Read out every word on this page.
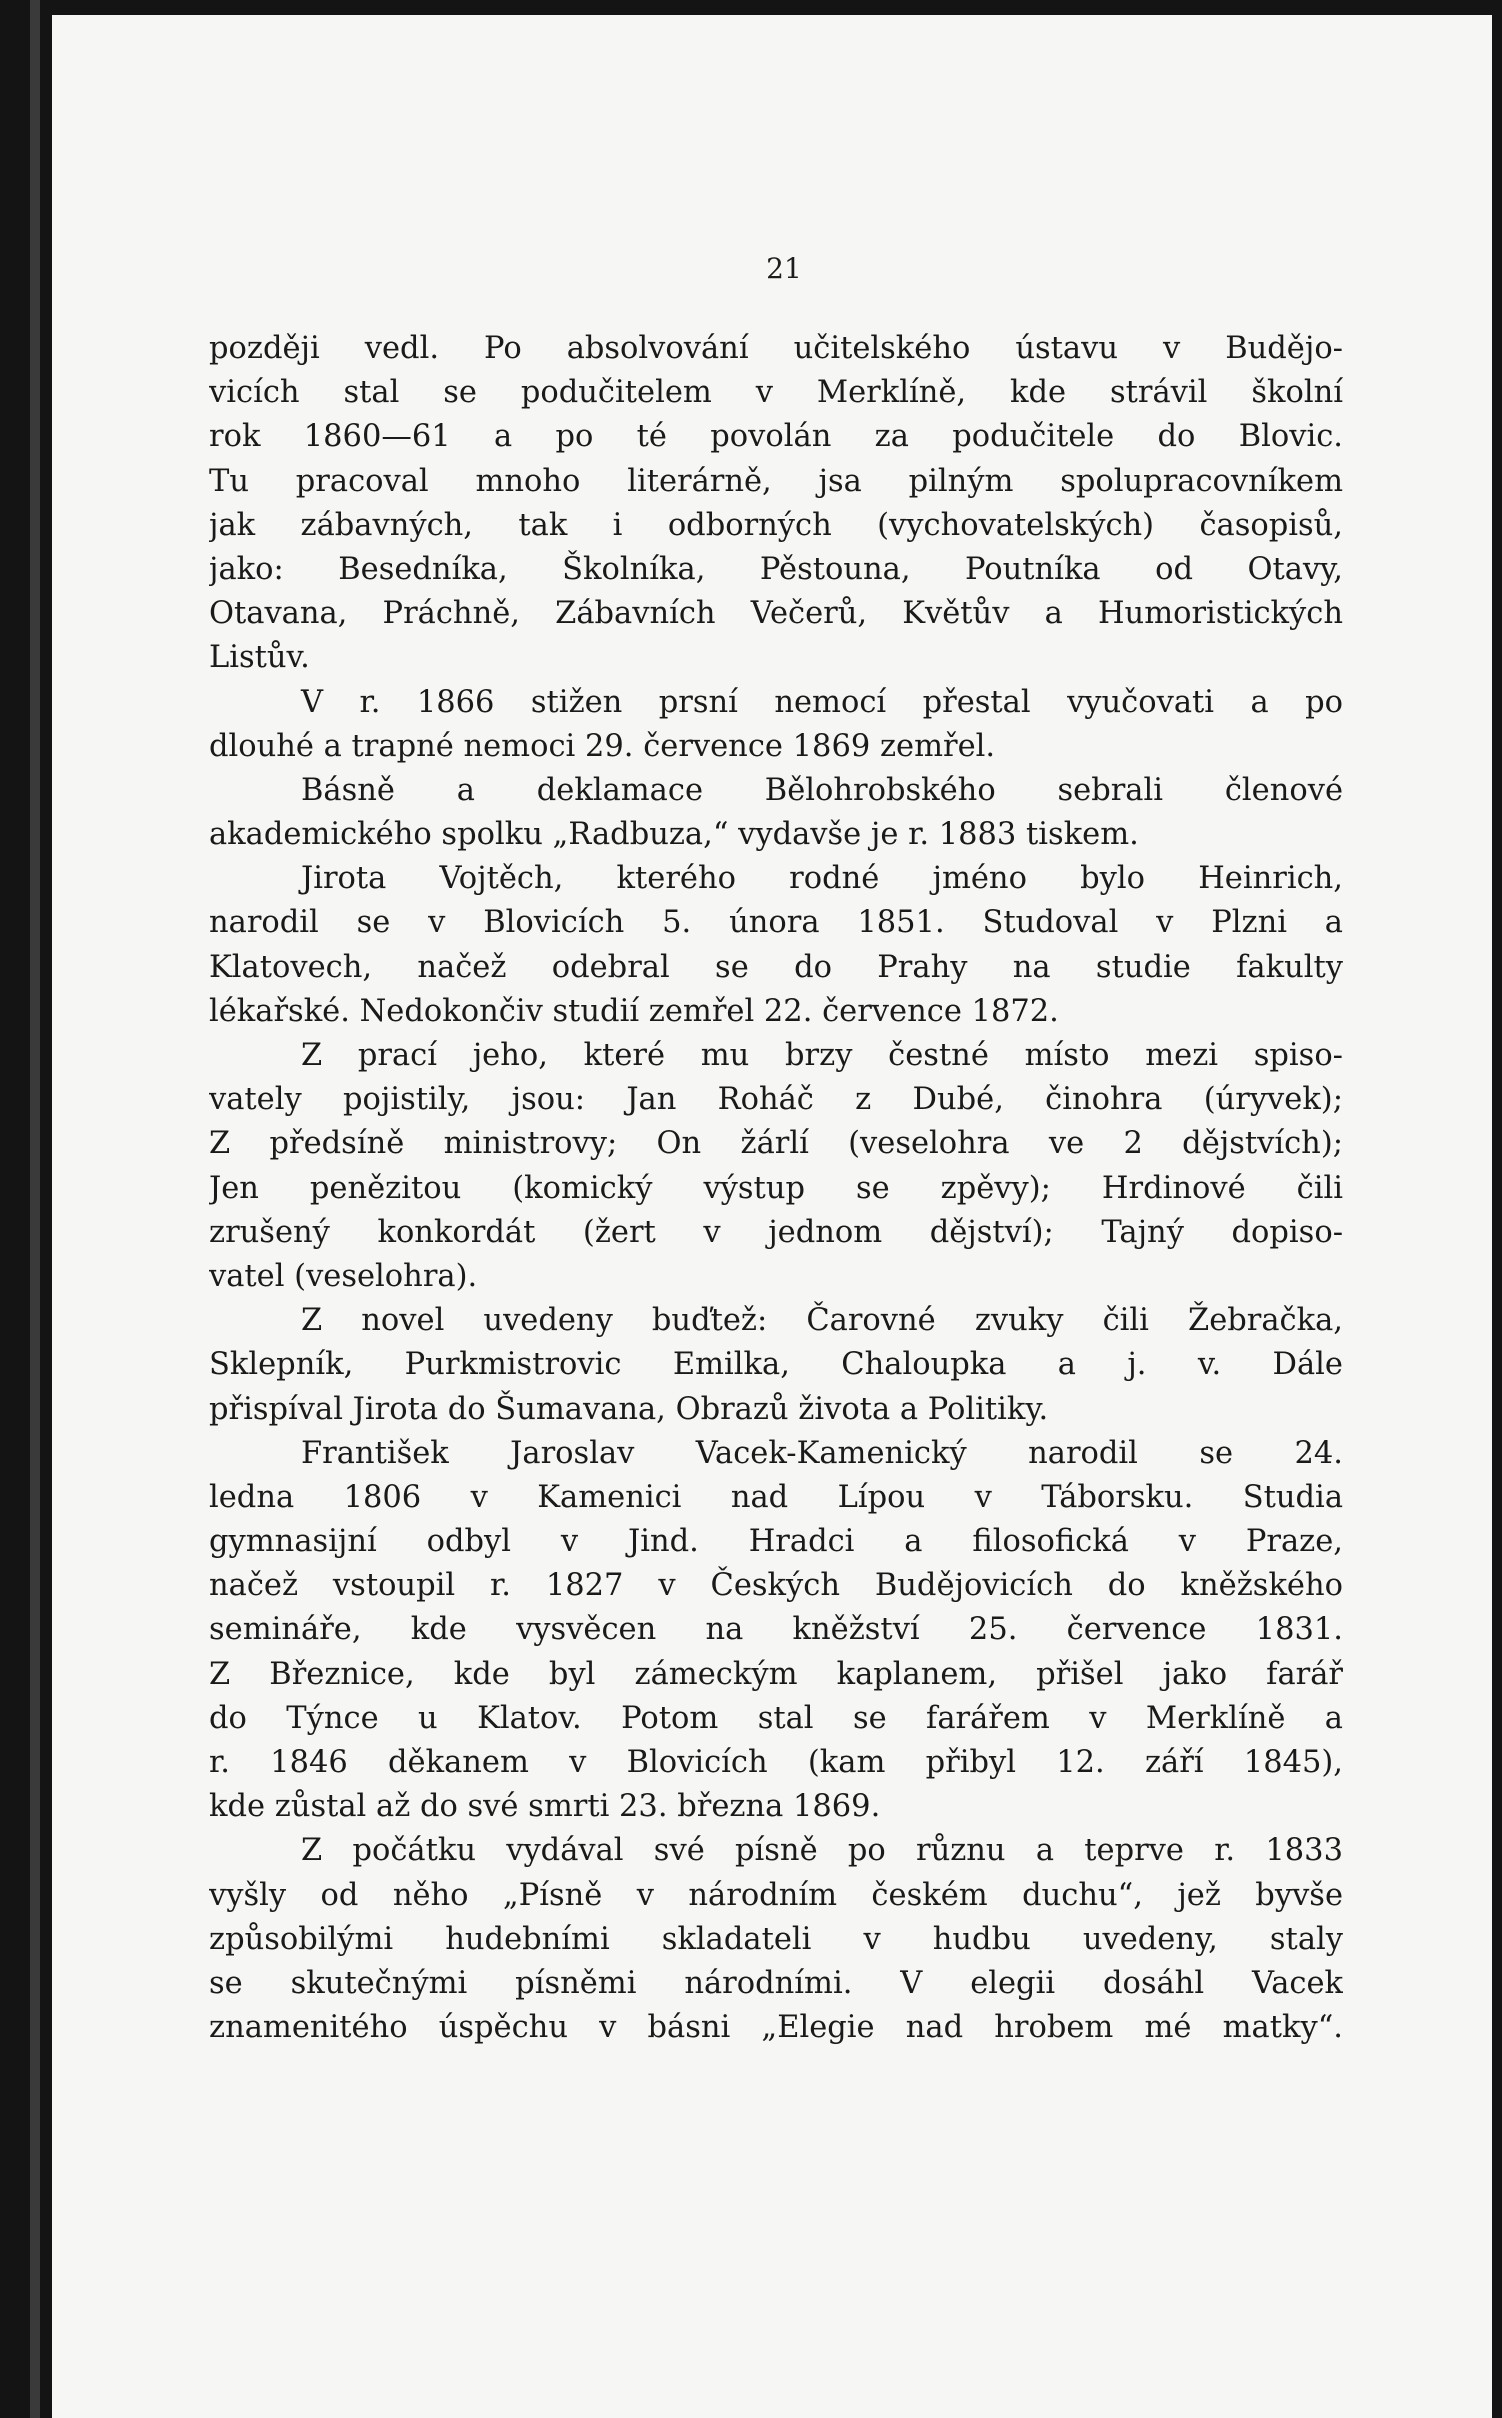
21
později vedl. Po absolvování učitelského ústavu v Budějo-
vicích stal se podučitelem v Merklíně, kde strávil školní
rok 1860—61 a po té povolán za podučitele do Blovic.
Tu pracoval mnoho literárně, jsa pilným spolupracovníkem
jak zábavných, tak i odborných (vychovatelských) časopisů,
jako: Besedníka, Školníka, Pěstouna, Poutníka od Otavy,
Otavana, Práchně, Zábavních Večerů, Květův a Humoristických
Listův.
V r. 1866 stižen prsní nemocí přestal vyučovati a po
dlouhé a trapné nemoci 29. července 1869 zemřel.
Básně a deklamace Bělohrobského sebrali členové
akademického spolku „Radbuza,“ vydavše je r. 1883 tiskem.
Jirota Vojtěch, kterého rodné jméno bylo Heinrich,
narodil se v Blovicích 5. února 1851. Studoval v Plzni a
Klatovech, načež odebral se do Prahy na studie fakulty
lékařské. Nedokončiv studií zemřel 22. července 1872.
Z prací jeho, které mu brzy čestné místo mezi spiso-
vately pojistily, jsou: Jan Roháč z Dubé, činohra (úryvek);
Z předsíně ministrovy; On žárlí (veselohra ve 2 dějstvích);
Jen penězitou (komický výstup se zpěvy); Hrdinové čili
zrušený konkordát (žert v jednom dějství); Tajný dopiso-
vatel (veselohra).
Z novel uvedeny buďtež: Čarovné zvuky čili Žebračka,
Sklepník, Purkmistrovic Emilka, Chaloupka a j. v. Dále
přispíval Jirota do Šumavana, Obrazů života a Politiky.
František Jaroslav Vacek-Kamenický narodil se 24.
ledna 1806 v Kamenici nad Lípou v Táborsku. Studia
gymnasijní odbyl v Jind. Hradci a filosofická v Praze,
načež vstoupil r. 1827 v Českých Budějovicích do kněžského
semináře, kde vysvěcen na kněžství 25. července 1831.
Z Březnice, kde byl zámeckým kaplanem, přišel jako farář
do Týnce u Klatov. Potom stal se farářem v Merklíně a
r. 1846 děkanem v Blovicích (kam přibyl 12. září 1845),
kde zůstal až do své smrti 23. března 1869.
Z počátku vydával své písně po různu a teprve r. 1833
vyšly od něho „Písně v národním českém duchu“, jež byvše
způsobilými hudebními skladateli v hudbu uvedeny, staly
se skutečnými písněmi národními. V elegii dosáhl Vacek
znamenitého úspěchu v básni „Elegie nad hrobem mé matky“.
